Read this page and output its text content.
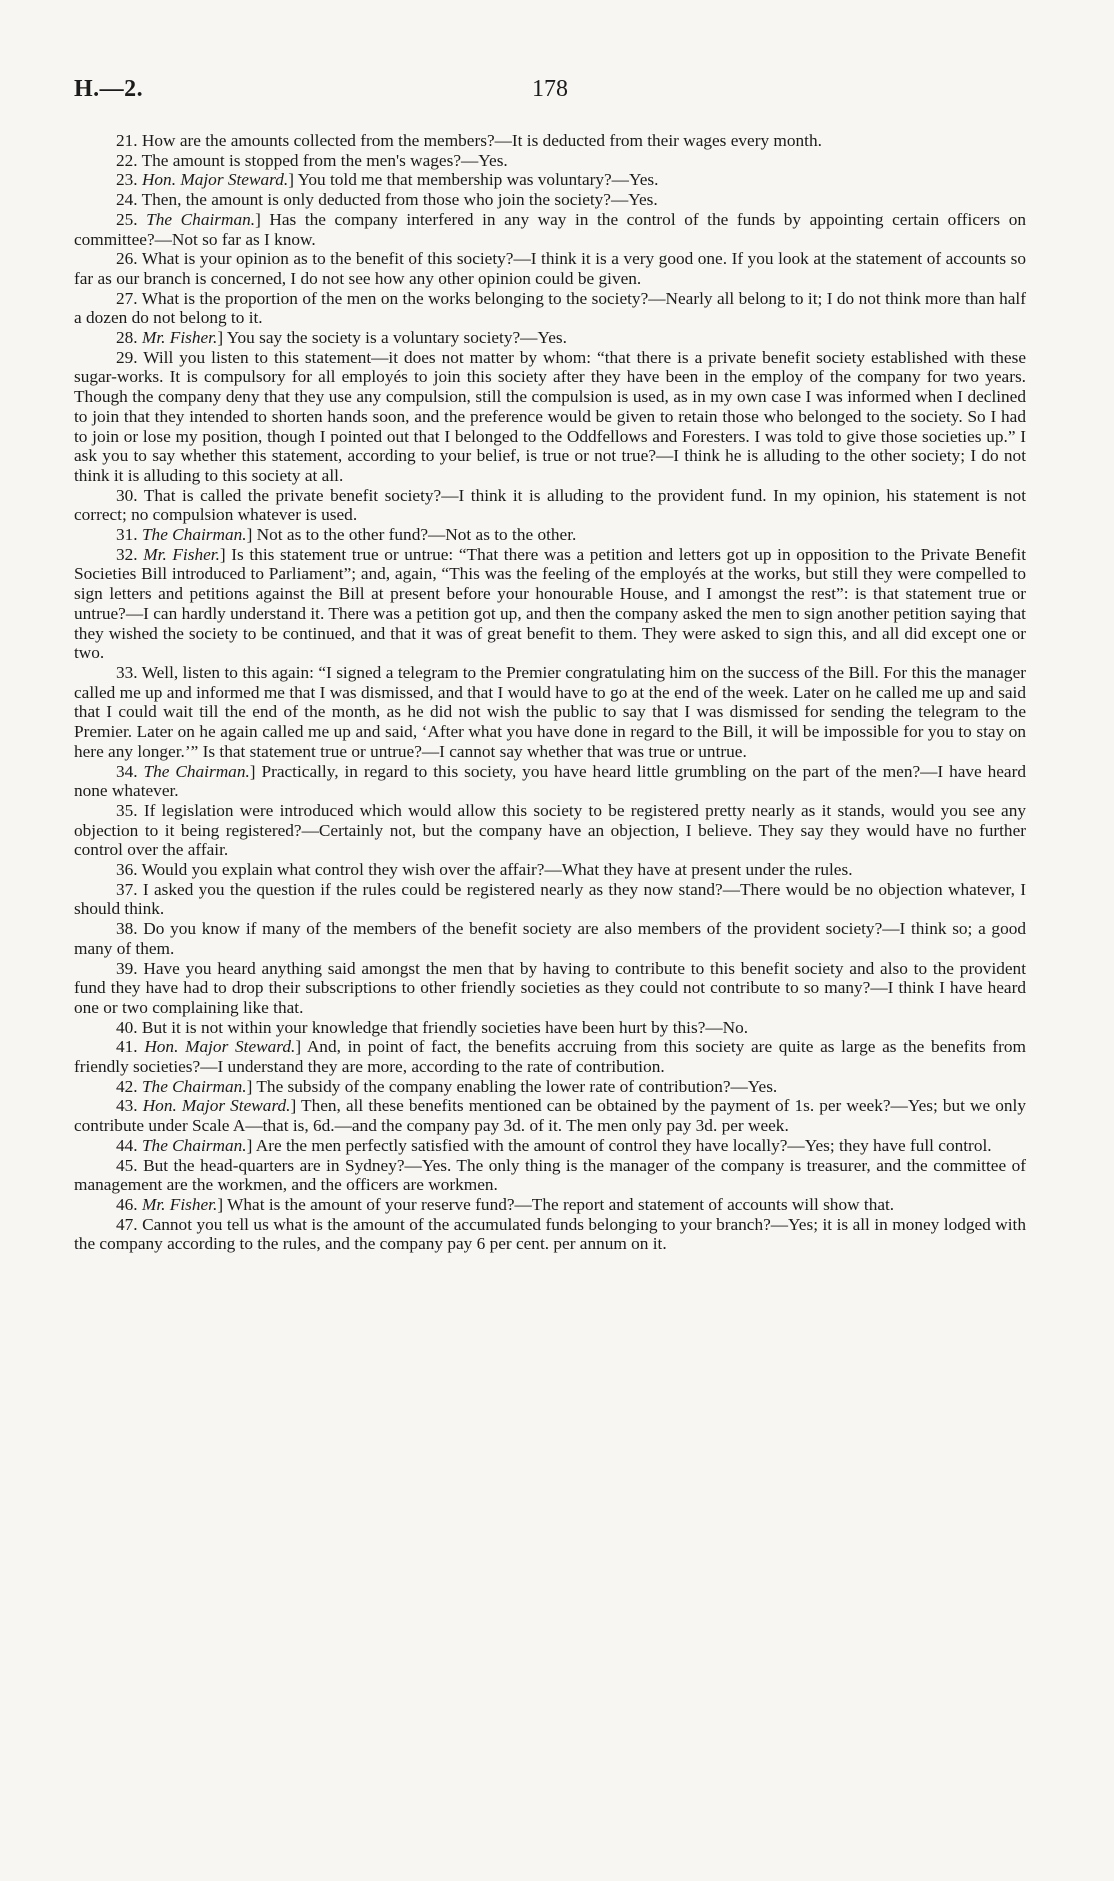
H.—2.	178

21. How are the amounts collected from the members?—It is deducted from their wages every month.

22. The amount is stopped from the men's wages?—Yes.

23. Hon. Major Steward.] You told me that membership was voluntary?—Yes.

24. Then, the amount is only deducted from those who join the society?—Yes.

25. The Chairman.] Has the company interfered in any way in the control of the funds by appointing certain officers on committee?—Not so far as I know.

26. What is your opinion as to the benefit of this society?—I think it is a very good one. If you look at the statement of accounts so far as our branch is concerned, I do not see how any other opinion could be given.

27. What is the proportion of the men on the works belonging to the society?—Nearly all belong to it; I do not think more than half a dozen do not belong to it.

28. Mr. Fisher.] You say the society is a voluntary society?—Yes.

29. Will you listen to this statement—it does not matter by whom: “that there is a private benefit society established with these sugar-works. It is compulsory for all employés to join this society after they have been in the employ of the company for two years. Though the company deny that they use any compulsion, still the compulsion is used, as in my own case I was informed when I declined to join that they intended to shorten hands soon, and the preference would be given to retain those who belonged to the society. So I had to join or lose my position, though I pointed out that I belonged to the Oddfellows and Foresters. I was told to give those societies up.” I ask you to say whether this statement, according to your belief, is true or not true?—I think he is alluding to the other society; I do not think it is alluding to this society at all.

30. That is called the private benefit society?—I think it is alluding to the provident fund. In my opinion, his statement is not correct; no compulsion whatever is used.

31. The Chairman.] Not as to the other fund?—Not as to the other.

32. Mr. Fisher.] Is this statement true or untrue: “That there was a petition and letters got up in opposition to the Private Benefit Societies Bill introduced to Parliament”; and, again, “This was the feeling of the employés at the works, but still they were compelled to sign letters and petitions against the Bill at present before your honourable House, and I amongst the rest”: is that statement true or untrue?—I can hardly understand it. There was a petition got up, and then the company asked the men to sign another petition saying that they wished the society to be continued, and that it was of great benefit to them. They were asked to sign this, and all did except one or two.

33. Well, listen to this again: “I signed a telegram to the Premier congratulating him on the success of the Bill. For this the manager called me up and informed me that I was dismissed, and that I would have to go at the end of the week. Later on he called me up and said that I could wait till the end of the month, as he did not wish the public to say that I was dismissed for sending the telegram to the Premier. Later on he again called me up and said, ‘After what you have done in regard to the Bill, it will be impossible for you to stay on here any longer.’” Is that statement true or untrue?—I cannot say whether that was true or untrue.

34. The Chairman.] Practically, in regard to this society, you have heard little grumbling on the part of the men?—I have heard none whatever.

35. If legislation were introduced which would allow this society to be registered pretty nearly as it stands, would you see any objection to it being registered?—Certainly not, but the company have an objection, I believe. They say they would have no further control over the affair.

36. Would you explain what control they wish over the affair?—What they have at present under the rules.

37. I asked you the question if the rules could be registered nearly as they now stand?—There would be no objection whatever, I should think.

38. Do you know if many of the members of the benefit society are also members of the provident society?—I think so; a good many of them.

39. Have you heard anything said amongst the men that by having to contribute to this benefit society and also to the provident fund they have had to drop their subscriptions to other friendly societies as they could not contribute to so many?—I think I have heard one or two complaining like that.

40. But it is not within your knowledge that friendly societies have been hurt by this?—No.

41. Hon. Major Steward.] And, in point of fact, the benefits accruing from this society are quite as large as the benefits from friendly societies?—I understand they are more, according to the rate of contribution.

42. The Chairman.] The subsidy of the company enabling the lower rate of contribution?—Yes.

43. Hon. Major Steward.] Then, all these benefits mentioned can be obtained by the payment of 1s. per week?—Yes; but we only contribute under Scale A—that is, 6d.—and the company pay 3d. of it. The men only pay 3d. per week.

44. The Chairman.] Are the men perfectly satisfied with the amount of control they have locally?—Yes; they have full control.

45. But the head-quarters are in Sydney?—Yes. The only thing is the manager of the company is treasurer, and the committee of management are the workmen, and the officers are workmen.

46. Mr. Fisher.] What is the amount of your reserve fund?—The report and statement of accounts will show that.

47. Cannot you tell us what is the amount of the accumulated funds belonging to your branch?—Yes; it is all in money lodged with the company according to the rules, and the company pay 6 per cent. per annum on it.
